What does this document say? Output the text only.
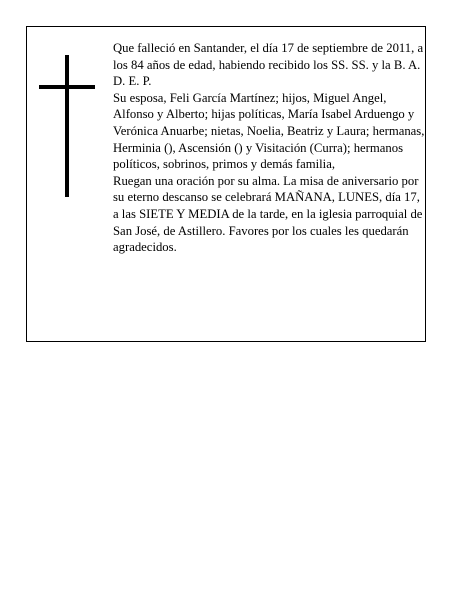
Que falleció en Santander, el día 17 de septiembre de 2011, a los 84 años de edad, habiendo recibido los SS. SS. y la B. A.

D. E. P.

Su esposa, Feli García Martínez; hijos, Miguel Angel, Alfonso y Alberto; hijas políticas, María Isabel Arduengo y Verónica Anuarbe; nietas, Noelia, Beatriz y Laura; hermanas, Herminia (), Ascensión () y Visitación (Curra); hermanos políticos, sobrinos, primos y demás familia,

Ruegan una oración por su alma. La misa de aniversario por su eterno descanso se celebrará MAÑANA, LUNES, día 17, a las SIETE Y MEDIA de la tarde, en la iglesia parroquial de San José, de Astillero. Favores por los cuales les quedarán agradecidos.
